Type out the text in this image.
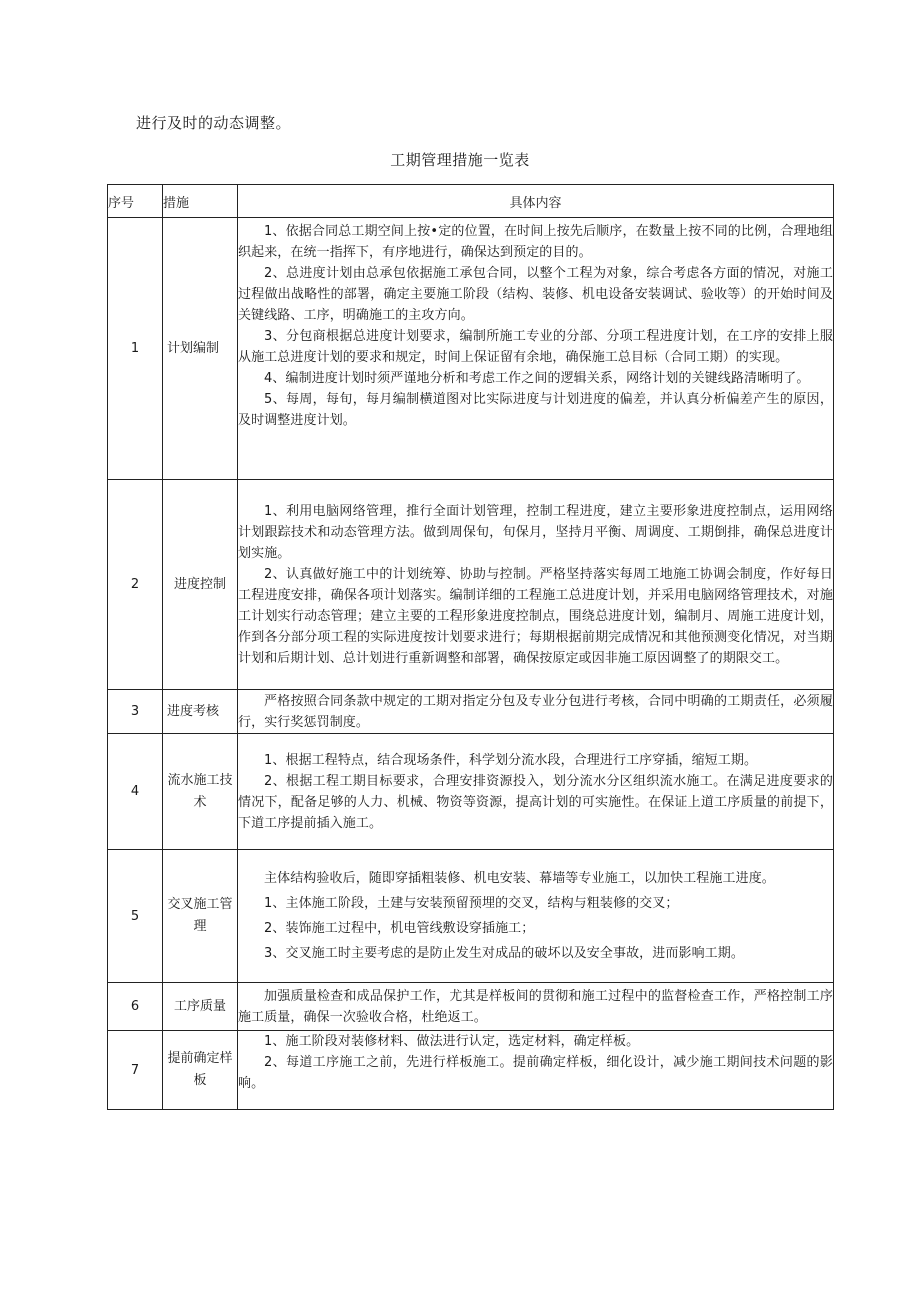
进行及时的动态调整。
工期管理措施一览表
序号	措施	具体内容
1	计划编制	1、依据合同总工期空间上按•定的位置，在时间上按先后顺序，在数量上按不同的比例，合理地组织起来，在统一指挥下，有序地进行，确保达到预定的目的。

2、总进度计划由总承包依据施工承包合同，以整个工程为对象，综合考虑各方面的情况，对施工过程做出战略性的部署，确定主要施工阶段（结构、装修、机电设备安装调试、验收等）的开始时间及关键线路、工序，明确施工的主攻方向。

3、分包商根据总进度计划要求，编制所施工专业的分部、分项工程进度计划，在工序的安排上服从施工总进度计划的要求和规定，时间上保证留有余地，确保施工总目标（合同工期）的实现。

4、编制进度计划时须严谨地分析和考虑工作之间的逻辑关系，网络计划的关键线路清晰明了。

5、每周，每旬，每月编制横道图对比实际进度与计划进度的偏差，并认真分析偏差产生的原因，及时调整进度计划。

2	进度控制	1、利用电脑网络管理，推行全面计划管理，控制工程进度，建立主要形象进度控制点，运用网络计划跟踪技术和动态管理方法。做到周保旬，旬保月，坚持月平衡、周调度、工期倒排，确保总进度计划实施。

2、认真做好施工中的计划统筹、协助与控制。严格坚持落实每周工地施工协调会制度，作好每日工程进度安排，确保各项计划落实。编制详细的工程施工总进度计划，并采用电脑网络管理技术，对施工计划实行动态管理；建立主要的工程形象进度控制点，围绕总进度计划，编制月、周施工进度计划，作到各分部分项工程的实际进度按计划要求进行；每期根据前期完成情况和其他预测变化情况，对当期计划和后期计划、总计划进行重新调整和部署，确保按原定或因非施工原因调整了的期限交工。

3	进度考核	严格按照合同条款中规定的工期对指定分包及专业分包进行考核，合同中明确的工期责任，必须履行，实行奖惩罚制度。

4	流水施工技术	1、根据工程特点，结合现场条件，科学划分流水段，合理进行工序穿插，缩短工期。

2、根据工程工期目标要求，合理安排资源投入，划分流水分区组织流水施工。在满足进度要求的情况下，配备足够的人力、机械、物资等资源，提高计划的可实施性。在保证上道工序质量的前提下，下道工序提前插入施工。

5	交叉施工管理	主体结构验收后，随即穿插粗装修、机电安装、幕墙等专业施工，以加快工程施工进度。

1、主体施工阶段，土建与安装预留预埋的交叉，结构与粗装修的交叉；

2、装饰施工过程中，机电管线敷设穿插施工；

3、交叉施工时主要考虑的是防止发生对成品的破坏以及安全事故，进而影响工期。

6	工序质量	加强质量检查和成品保护工作，尤其是样板间的贯彻和施工过程中的监督检查工作，严格控制工序施工质量，确保一次验收合格，杜绝返工。

7	提前确定样板	1、施工阶段对装修材料、做法进行认定，选定材料，确定样板。

2、每道工序施工之前，先进行样板施工。提前确定样板，细化设计，减少施工期间技术问题的影响。
